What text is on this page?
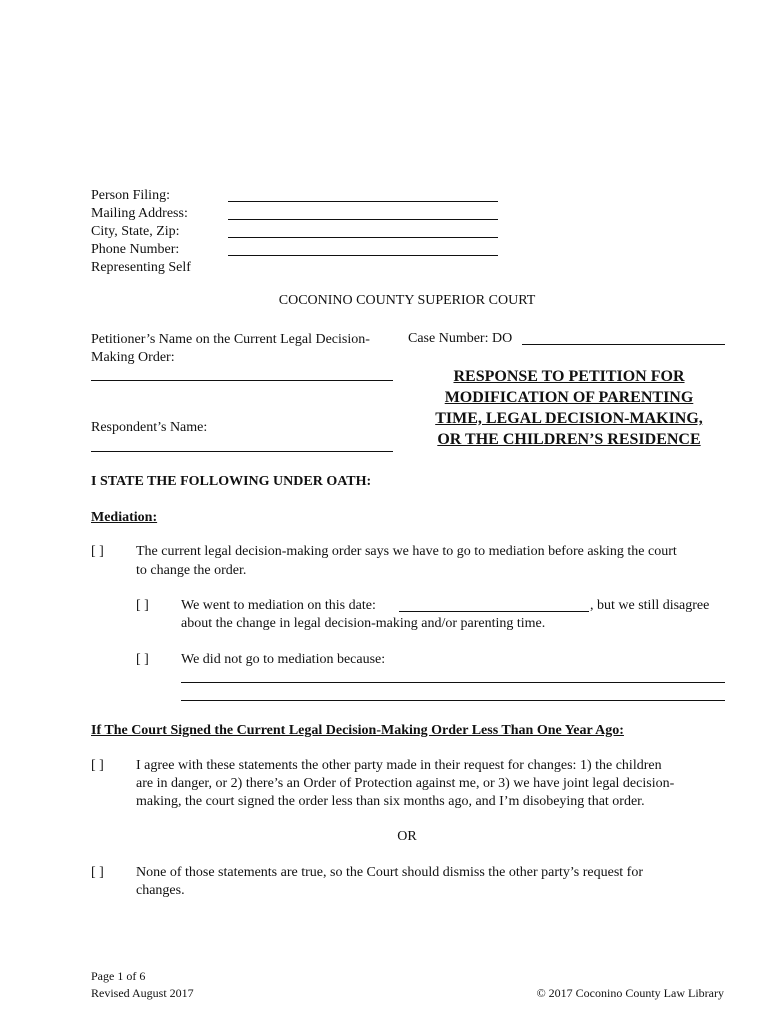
Person Filing:
Mailing Address:
City, State, Zip:
Phone Number:
Representing Self
COCONINO COUNTY SUPERIOR COURT
Petitioner’s Name on the Current Legal Decision-
Making Order:
Respondent’s Name:
Case Number: DO
RESPONSE TO PETITION FOR
MODIFICATION OF PARENTING
TIME, LEGAL DECISION-MAKING,
OR THE CHILDREN’S RESIDENCE
I STATE THE FOLLOWING UNDER OATH:
Mediation:
[ ] The current legal decision-making order says we have to go to mediation before asking the court
to change the order.
[ ] We went to mediation on this date:	, but we still disagree
about the change in legal decision-making and/or parenting time.
[ ] We did not go to mediation because:
If The Court Signed the Current Legal Decision-Making Order Less Than One Year Ago:
[ ] I agree with these statements the other party made in their request for changes: 1) the children
are in danger, or 2) there’s an Order of Protection against me, or 3) we have joint legal decision-
making, the court signed the order less than six months ago, and I’m disobeying that order.
OR
[ ] None of those statements are true, so the Court should dismiss the other party’s request for
changes.
Page 1 of 6
Revised August 2017	© 2017 Coconino County Law Library
